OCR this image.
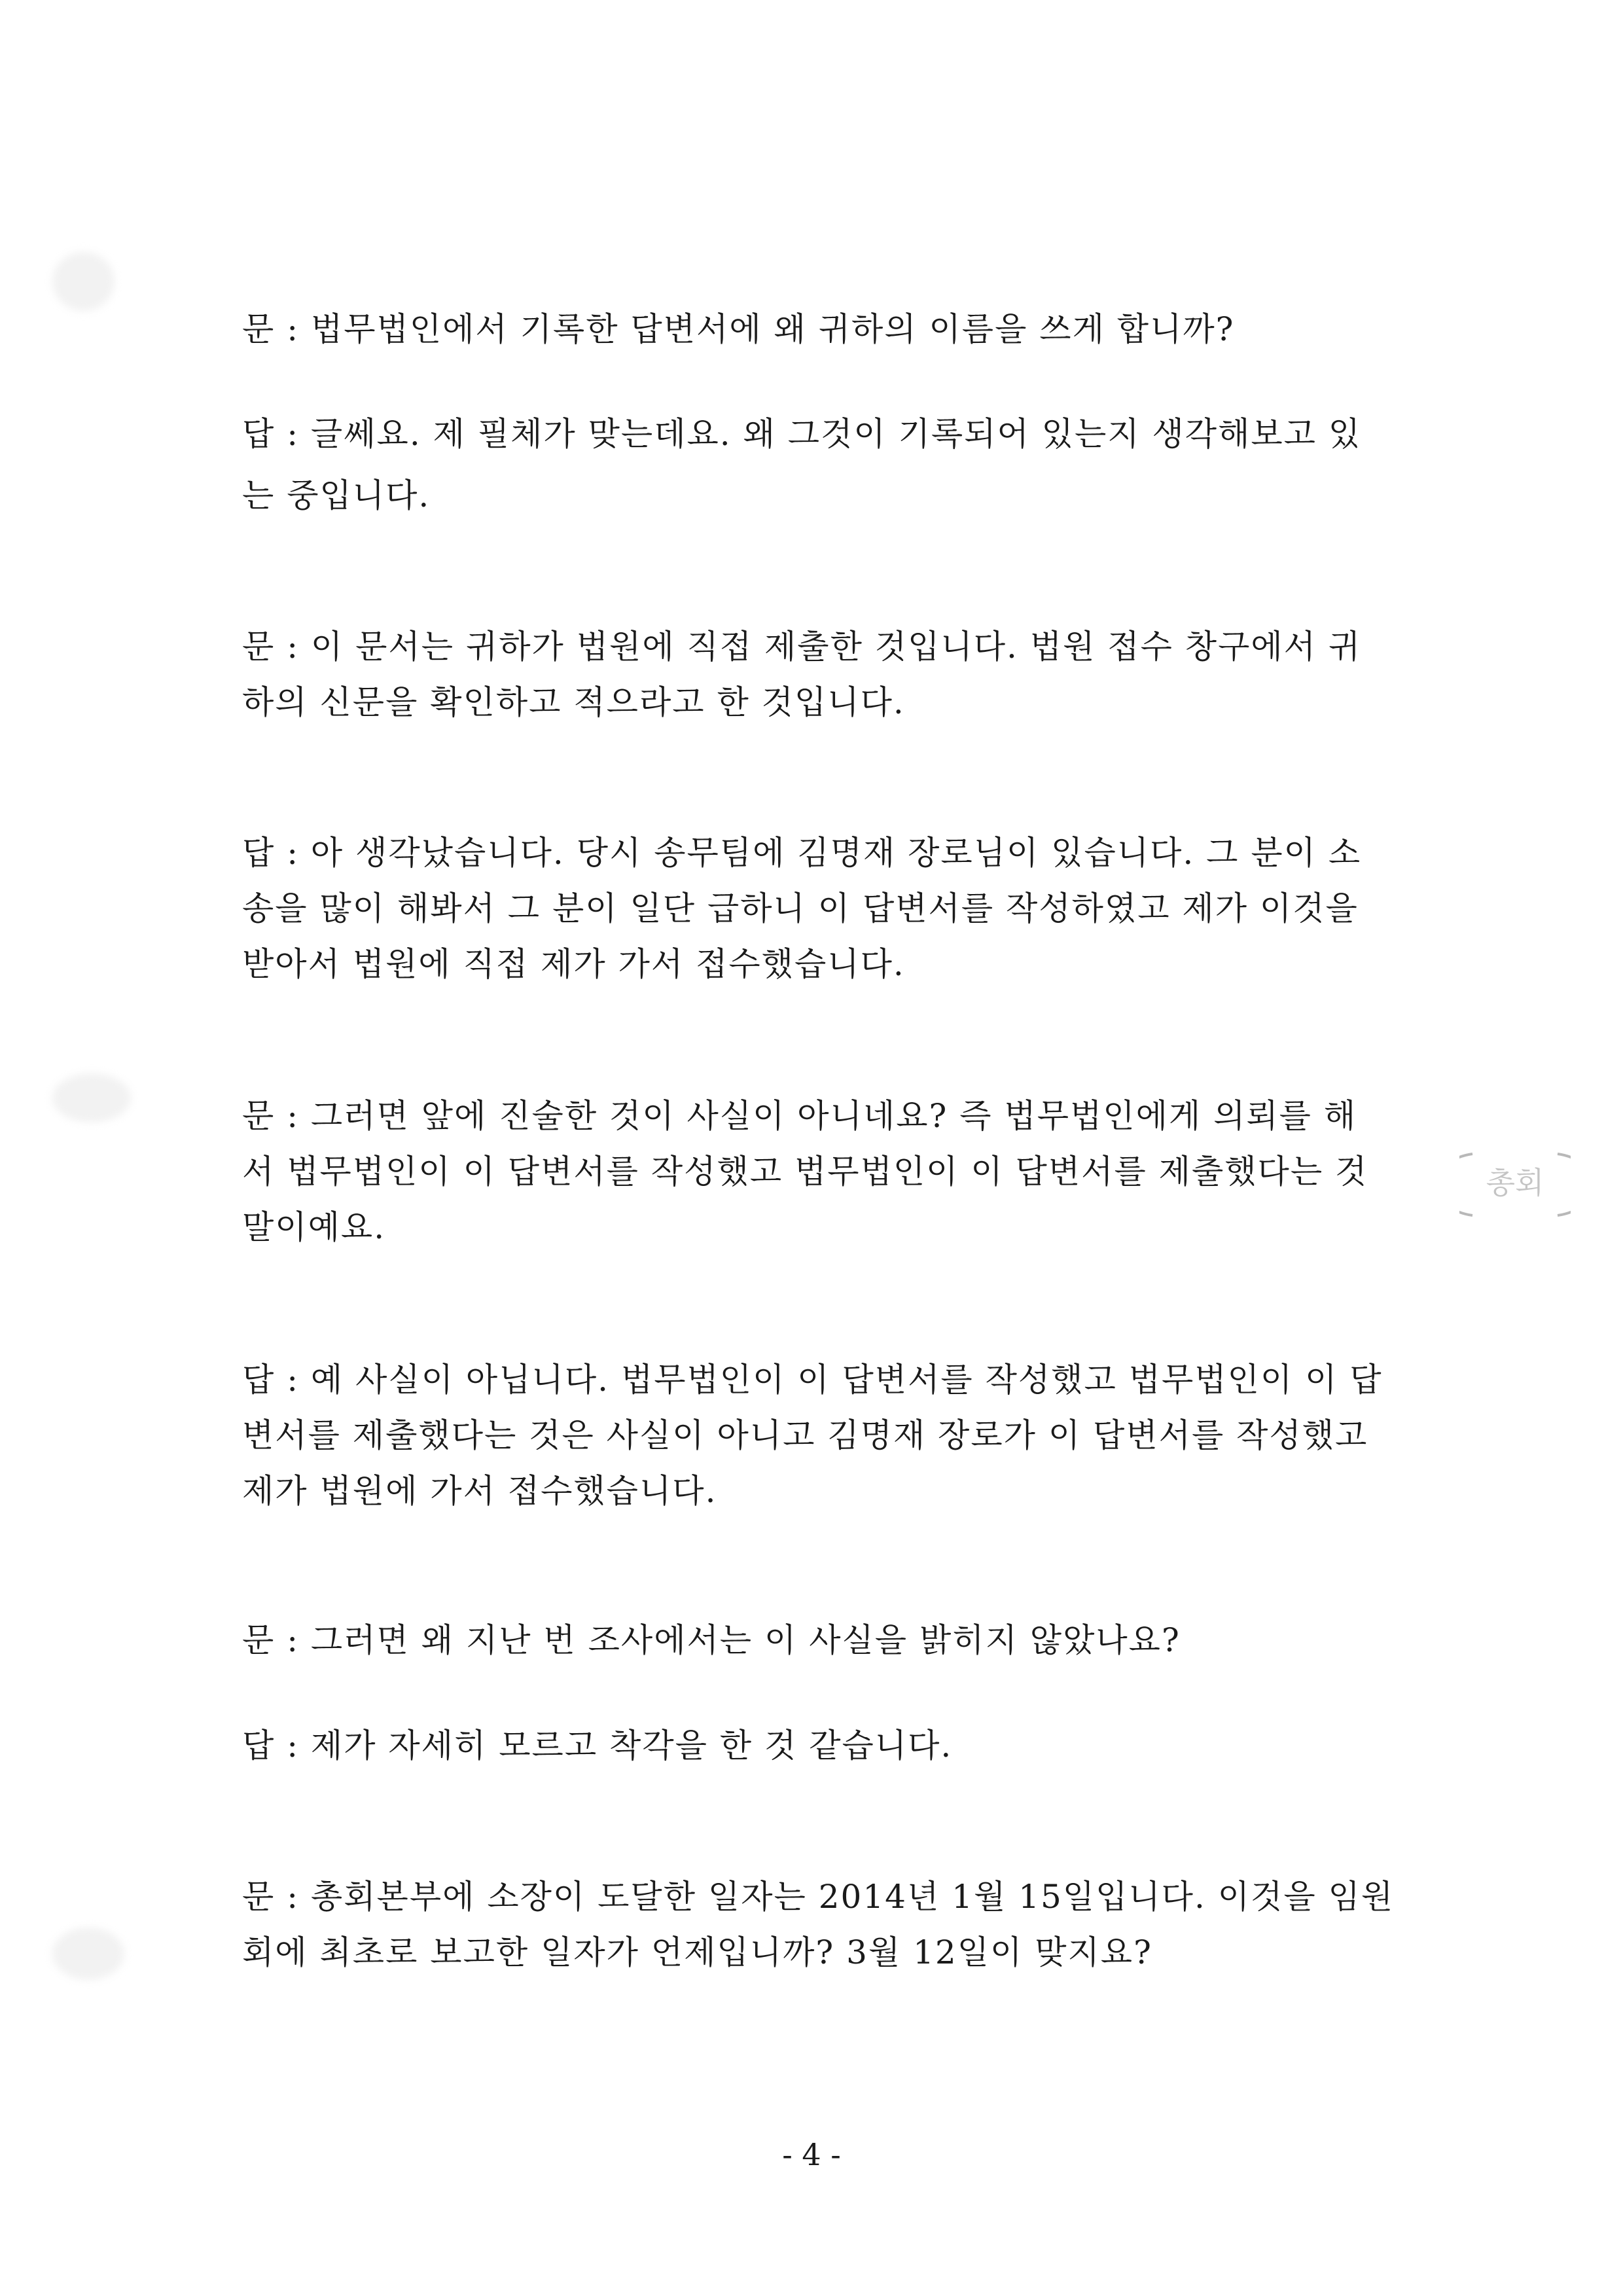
문 : 법무법인에서 기록한 답변서에 왜 귀하의 이름을 쓰게 합니까?

답 : 글쎄요. 제 필체가 맞는데요. 왜 그것이 기록되어 있는지 생각해보고 있

는 중입니다.

문 : 이 문서는 귀하가 법원에 직접 제출한 것입니다. 법원 접수 창구에서 귀

하의 신문을 확인하고 적으라고 한 것입니다.

답 : 아 생각났습니다. 당시 송무팀에 김명재 장로님이 있습니다. 그 분이 소

송을 많이 해봐서 그 분이 일단 급하니 이 답변서를 작성하였고 제가 이것을

받아서 법원에 직접 제가 가서 접수했습니다.

문 : 그러면 앞에 진술한 것이 사실이 아니네요? 즉 법무법인에게 의뢰를 해

서 법무법인이 이 답변서를 작성했고 법무법인이 이 답변서를 제출했다는 것

말이예요.

답 : 예 사실이 아닙니다. 법무법인이 이 답변서를 작성했고 법무법인이 이 답

변서를 제출했다는 것은 사실이 아니고 김명재 장로가 이 답변서를 작성했고

제가 법원에 가서 접수했습니다.

문 : 그러면 왜 지난 번 조사에서는 이 사실을 밝히지 않았나요?

답 : 제가 자세히 모르고 착각을 한 것 같습니다.

문 : 총회본부에 소장이 도달한 일자는 2014년 1월 15일입니다. 이것을 임원

회에 최초로 보고한 일자가 언제입니까? 3월 12일이 맞지요?

총회
- 4 -
